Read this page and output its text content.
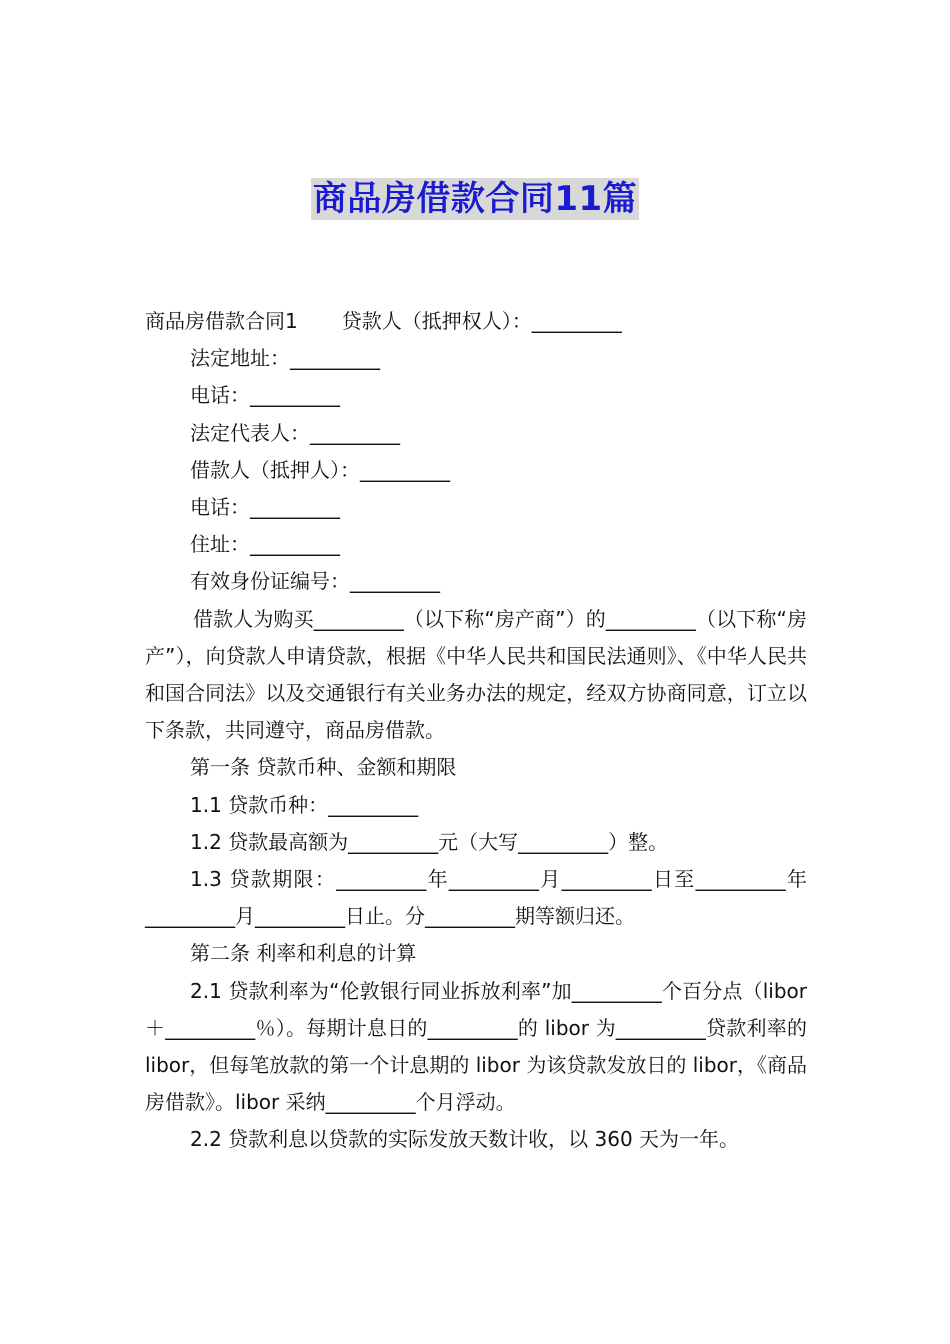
商品房借款合同11篇

商品房借款合同1 贷款人（抵押权人）：_________

法定地址：_________

电话：_________

法定代表人：_________

借款人（抵押人）：_________

电话：_________

住址：_________

有效身份证编号：_________

借款人为购买_________（以下称“房产商”）的_________（以下称“房产”），向贷款人申请贷款，根据《中华人民共和国民法通则》、《中华人民共和国合同法》以及交通银行有关业务办法的规定，经双方协商同意，订立以下条款，共同遵守，商品房借款。

第一条 贷款币种、金额和期限

1.1 贷款币种：_________

1.2 贷款最高额为_________元（大写_________）整。

1.3 贷款期限：_________年_________月_________日至_________年_________月_________日止。分_________期等额归还。

第二条 利率和利息的计算

2.1 贷款利率为“伦敦银行同业拆放利率”加_________个百分点（libor＋_________％）。每期计息日的_________的 libor 为_________贷款利率的 libor，但每笔放款的第一个计息期的 libor 为该贷款发放日的 libor，《商品房借款》。libor 采纳_________个月浮动。

2.2 贷款利息以贷款的实际发放天数计收，以 360 天为一年。
